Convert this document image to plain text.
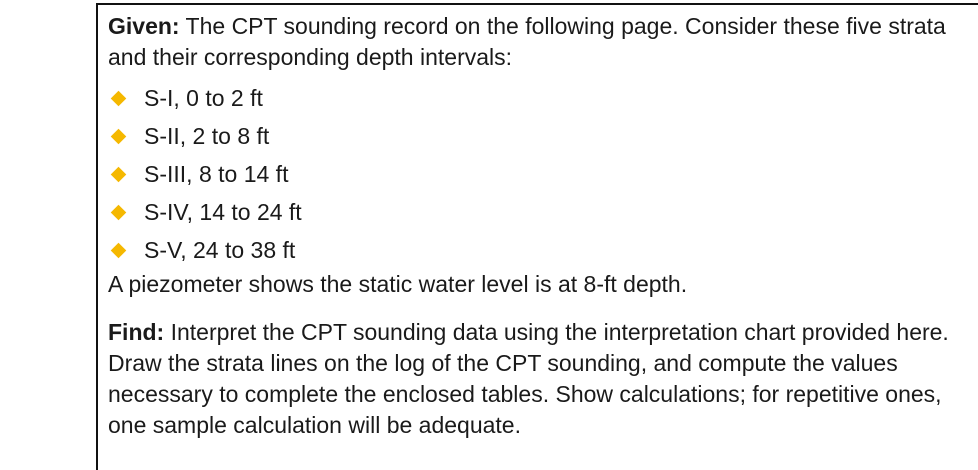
Given: The CPT sounding record on the following page. Consider these five strata and their corresponding depth intervals:

S-I, 0 to 2 ft
S-II, 2 to 8 ft
S-III, 8 to 14 ft
S-IV, 14 to 24 ft
S-V, 24 to 38 ft

A piezometer shows the static water level is at 8-ft depth.

Find: Interpret the CPT sounding data using the interpretation chart provided here. Draw the strata lines on the log of the CPT sounding, and compute the values necessary to complete the enclosed tables. Show calculations; for repetitive ones, one sample calculation will be adequate.
